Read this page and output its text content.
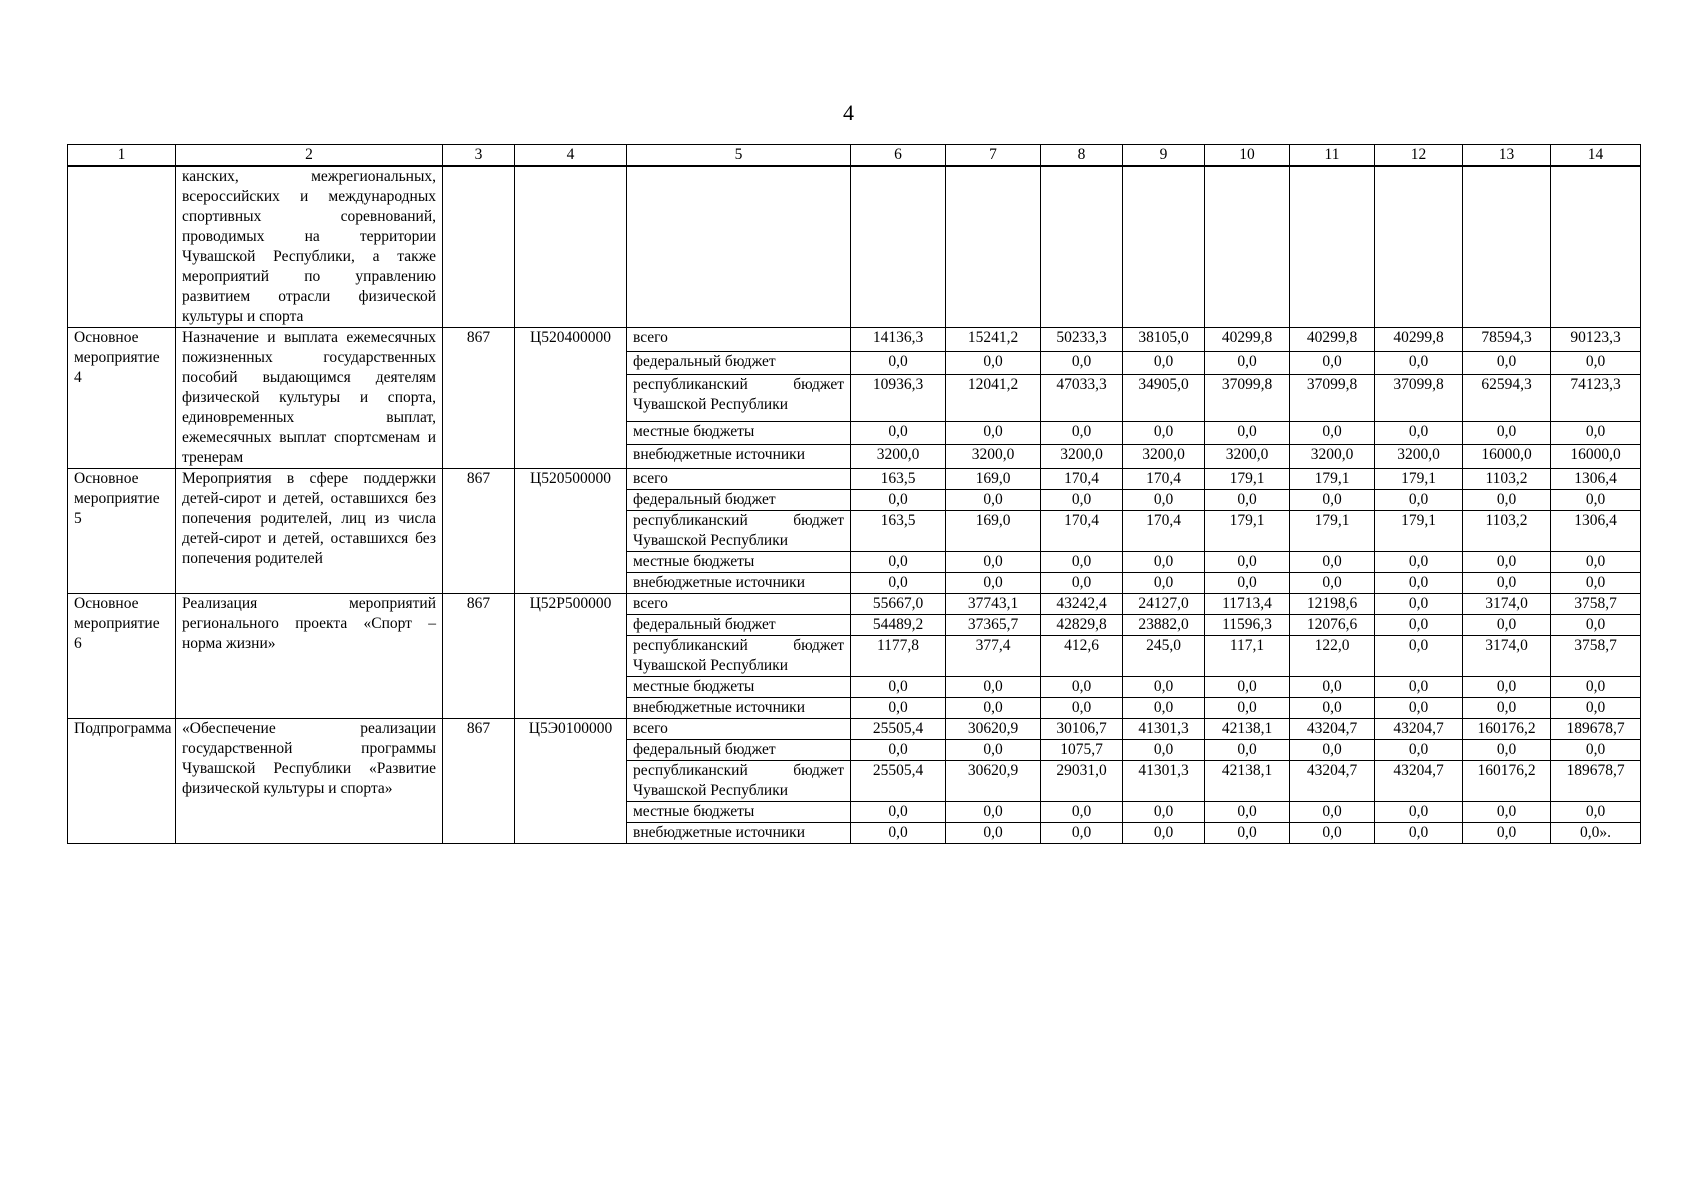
4
1	2	3	4	5	6	7	8	9	10	11	12	13	14
	канских, межрегиональных, всероссийских и международных спортивных соревнований, проводимых на территории Чувашской Республики, а также мероприятий по управлению развитием отрасли физической культуры и спорта												
Основное мероприятие 4	Назначение и выплата ежемесячных пожизненных государственных пособий выдающимся деятелям физической культуры и спорта, единовременных выплат, ежемесячных выплат спортсменам и тренерам	867	Ц520400000	всего	14136,3	15241,2	50233,3	38105,0	40299,8	40299,8	40299,8	78594,3	90123,3
				федеральный бюджет	0,0	0,0	0,0	0,0	0,0	0,0	0,0	0,0	0,0
				республиканский бюджет Чувашской Республики	10936,3	12041,2	47033,3	34905,0	37099,8	37099,8	37099,8	62594,3	74123,3
				местные бюджеты	0,0	0,0	0,0	0,0	0,0	0,0	0,0	0,0	0,0
				внебюджетные источники	3200,0	3200,0	3200,0	3200,0	3200,0	3200,0	3200,0	16000,0	16000,0
Основное мероприятие 5	Мероприятия в сфере поддержки детей-сирот и детей, оставшихся без попечения родителей, лиц из числа детей-сирот и детей, оставшихся без попечения родителей	867	Ц520500000	всего	163,5	169,0	170,4	170,4	179,1	179,1	179,1	1103,2	1306,4
				федеральный бюджет	0,0	0,0	0,0	0,0	0,0	0,0	0,0	0,0	0,0
				республиканский бюджет Чувашской Республики	163,5	169,0	170,4	170,4	179,1	179,1	179,1	1103,2	1306,4
				местные бюджеты	0,0	0,0	0,0	0,0	0,0	0,0	0,0	0,0	0,0
				внебюджетные источники	0,0	0,0	0,0	0,0	0,0	0,0	0,0	0,0	0,0
Основное мероприятие 6	Реализация мероприятий регионального проекта «Спорт – норма жизни»	867	Ц52Р500000	всего	55667,0	37743,1	43242,4	24127,0	11713,4	12198,6	0,0	3174,0	3758,7
				федеральный бюджет	54489,2	37365,7	42829,8	23882,0	11596,3	12076,6	0,0	0,0	0,0
				республиканский бюджет Чувашской Республики	1177,8	377,4	412,6	245,0	117,1	122,0	0,0	3174,0	3758,7
				местные бюджеты	0,0	0,0	0,0	0,0	0,0	0,0	0,0	0,0	0,0
				внебюджетные источники	0,0	0,0	0,0	0,0	0,0	0,0	0,0	0,0	0,0
Подпрограмма	«Обеспечение реализации государственной программы Чувашской Республики «Развитие физической культуры и спорта»	867	Ц5Э0100000	всего	25505,4	30620,9	30106,7	41301,3	42138,1	43204,7	43204,7	160176,2	189678,7
				федеральный бюджет	0,0	0,0	1075,7	0,0	0,0	0,0	0,0	0,0	0,0
				республиканский бюджет Чувашской Республики	25505,4	30620,9	29031,0	41301,3	42138,1	43204,7	43204,7	160176,2	189678,7
				местные бюджеты	0,0	0,0	0,0	0,0	0,0	0,0	0,0	0,0	0,0
				внебюджетные источники	0,0	0,0	0,0	0,0	0,0	0,0	0,0	0,0	0,0».
